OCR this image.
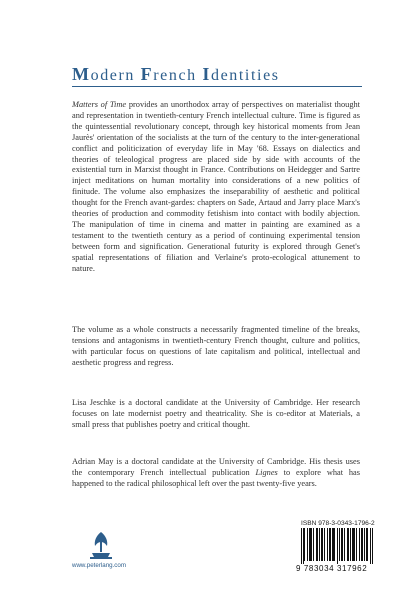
Modern French Identities
Matters of Time provides an unorthodox array of perspectives on materialist thought and representation in twentieth-century French intellectual culture. Time is figured as the quintessential revolutionary concept, through key historical moments from Jean Jaurès' orientation of the socialists at the turn of the century to the inter-generational conflict and politicization of everyday life in May '68. Essays on dialectics and theories of teleological progress are placed side by side with accounts of the existential turn in Marxist thought in France. Contributions on Heidegger and Sartre inject meditations on human mortality into considerations of a new politics of finitude. The volume also emphasizes the inseparability of aesthetic and political thought for the French avant-gardes: chapters on Sade, Artaud and Jarry place Marx's theories of production and commodity fetishism into contact with bodily abjection. The manipulation of time in cinema and matter in painting are examined as a testament to the twentieth century as a period of continuing experimental tension between form and signification. Generational futurity is explored through Genet's spatial representations of filiation and Verlaine's proto-ecological attunement to nature.
The volume as a whole constructs a necessarily fragmented timeline of the breaks, tensions and antagonisms in twentieth-century French thought, culture and politics, with particular focus on questions of late capitalism and political, intellectual and aesthetic progress and regress.
Lisa Jeschke is a doctoral candidate at the University of Cambridge. Her research focuses on late modernist poetry and theatricality. She is co-editor at Materials, a small press that publishes poetry and critical thought.
Adrian May is a doctoral candidate at the University of Cambridge. His thesis uses the contemporary French intellectual publication Lignes to explore what has happened to the radical philosophical left over the past twenty-five years.
www.peterlang.com
ISBN 978-3-0343-1796-2
9 783034 317962
